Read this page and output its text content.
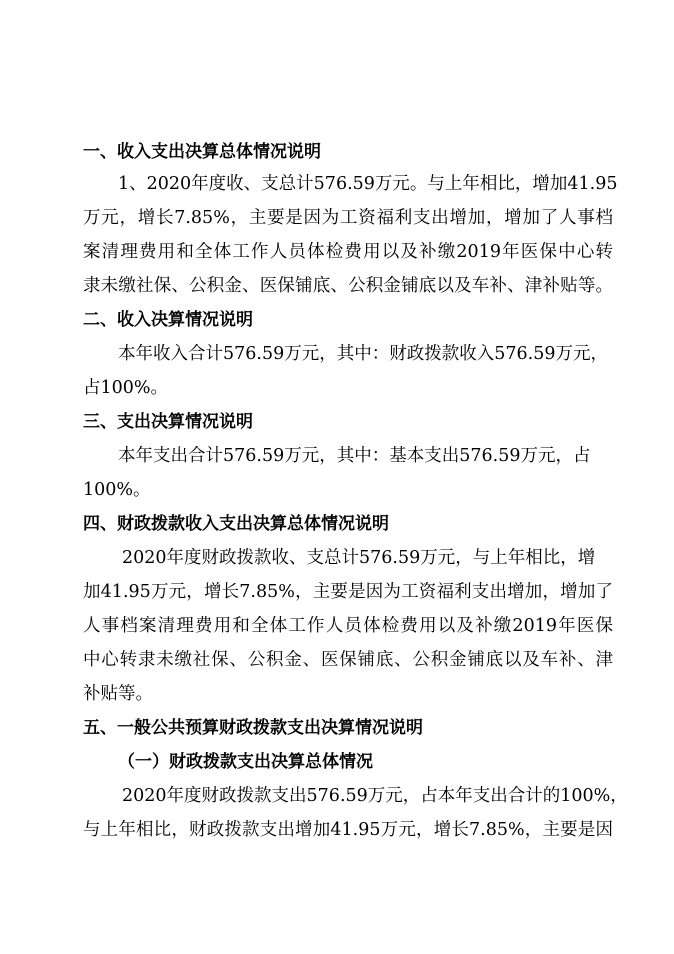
一、收入支出决算总体情况说明
1、2020年度收、支总计576.59万元。与上年相比，增加41.95
万元，增长7.85%，主要是因为工资福利支出增加，增加了人事档
案清理费用和全体工作人员体检费用以及补缴2019年医保中心转
隶未缴社保、公积金、医保铺底、公积金铺底以及车补、津补贴等。
二、收入决算情况说明
本年收入合计576.59万元，其中：财政拨款收入576.59万元，
占100%。
三、支出决算情况说明
本年支出合计576.59万元，其中：基本支出576.59万元，占
100%。
四、财政拨款收入支出决算总体情况说明
2020年度财政拨款收、支总计576.59万元，与上年相比，增
加41.95万元，增长7.85%，主要是因为工资福利支出增加，增加了
人事档案清理费用和全体工作人员体检费用以及补缴2019年医保
中心转隶未缴社保、公积金、医保铺底、公积金铺底以及车补、津
补贴等。
五、一般公共预算财政拨款支出决算情况说明
（一）财政拨款支出决算总体情况
2020年度财政拨款支出576.59万元，占本年支出合计的100%，
与上年相比，财政拨款支出增加41.95万元，增长7.85%，主要是因
